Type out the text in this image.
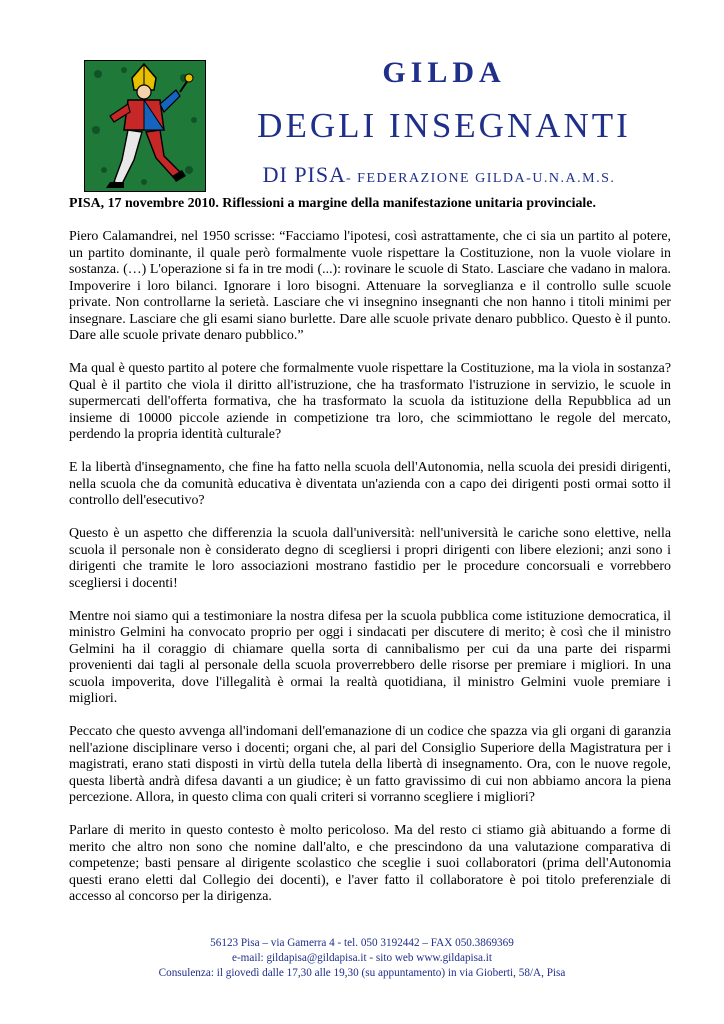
GILDA
DEGLI INSEGNANTI
DI PISA- FEDERAZIONE GILDA-U.N.A.M.S.

PISA, 17 novembre 2010. Riflessioni a margine della manifestazione unitaria provinciale.

Piero Calamandrei, nel 1950 scrisse: “Facciamo l'ipotesi, così astrattamente, che ci sia un partito al potere, un partito dominante, il quale però formalmente vuole rispettare la Costituzione, non la vuole violare in sostanza. (…) L'operazione si fa in tre modi (...): rovinare le scuole di Stato. Lasciare che vadano in malora. Impoverire i loro bilanci. Ignorare i loro bisogni. Attenuare la sorveglianza e il controllo sulle scuole private. Non controllarne la serietà. Lasciare che vi insegnino insegnanti che non hanno i titoli minimi per insegnare. Lasciare che gli esami siano burlette. Dare alle scuole private denaro pubblico. Questo è il punto. Dare alle scuole private denaro pubblico.”

Ma qual è questo partito al potere che formalmente vuole rispettare la Costituzione, ma la viola in sostanza? Qual è il partito che viola il diritto all'istruzione, che ha trasformato l'istruzione in servizio, le scuole in supermercati dell'offerta formativa, che ha trasformato la scuola da istituzione della Repubblica ad un insieme di 10000 piccole aziende in competizione tra loro, che scimmiottano le regole del mercato, perdendo la propria identità culturale?

E la libertà d'insegnamento, che fine ha fatto nella scuola dell'Autonomia, nella scuola dei presidi dirigenti, nella scuola che da comunità educativa è diventata un'azienda con a capo dei dirigenti posti ormai sotto il controllo dell'esecutivo?

Questo è un aspetto che differenzia la scuola dall'università: nell'università le cariche sono elettive, nella scuola il personale non è considerato degno di scegliersi i propri dirigenti con libere elezioni; anzi sono i dirigenti che tramite le loro associazioni mostrano fastidio per le procedure concorsuali e vorrebbero scegliersi i docenti!

Mentre noi siamo qui a testimoniare la nostra difesa per la scuola pubblica come istituzione democratica, il ministro Gelmini ha convocato proprio per oggi i sindacati per discutere di merito; è così che il ministro Gelmini ha il coraggio di chiamare quella sorta di cannibalismo per cui da una parte dei risparmi provenienti dai tagli al personale della scuola proverrebbero delle risorse per premiare i migliori. In una scuola impoverita, dove l'illegalità è ormai la realtà quotidiana, il ministro Gelmini vuole premiare i migliori.

Peccato che questo avvenga all'indomani dell'emanazione di un codice che spazza via gli organi di garanzia nell'azione disciplinare verso i docenti; organi che, al pari del Consiglio Superiore della Magistratura per i magistrati, erano stati disposti in virtù della tutela della libertà di insegnamento. Ora, con le nuove regole, questa libertà andrà difesa davanti a un giudice; è un fatto gravissimo di cui non abbiamo ancora la piena percezione. Allora, in questo clima con quali criteri si vorranno scegliere i migliori?

Parlare di merito in questo contesto è molto pericoloso. Ma del resto ci stiamo già abituando a forme di merito che altro non sono che nomine dall'alto, e che prescindono da una valutazione comparativa di competenze; basti pensare al dirigente scolastico che sceglie i suoi collaboratori (prima dell'Autonomia questi erano eletti dal Collegio dei docenti), e l'aver fatto il collaboratore è poi titolo preferenziale di accesso al concorso per la dirigenza.

56123 Pisa – via Gamerra 4 - tel. 050 3192442 – FAX 050.3869369
e-mail: gildapisa@gildapisa.it - sito web www.gildapisa.it
Consulenza: il giovedì dalle 17,30 alle 19,30 (su appuntamento) in via Gioberti, 58/A, Pisa
